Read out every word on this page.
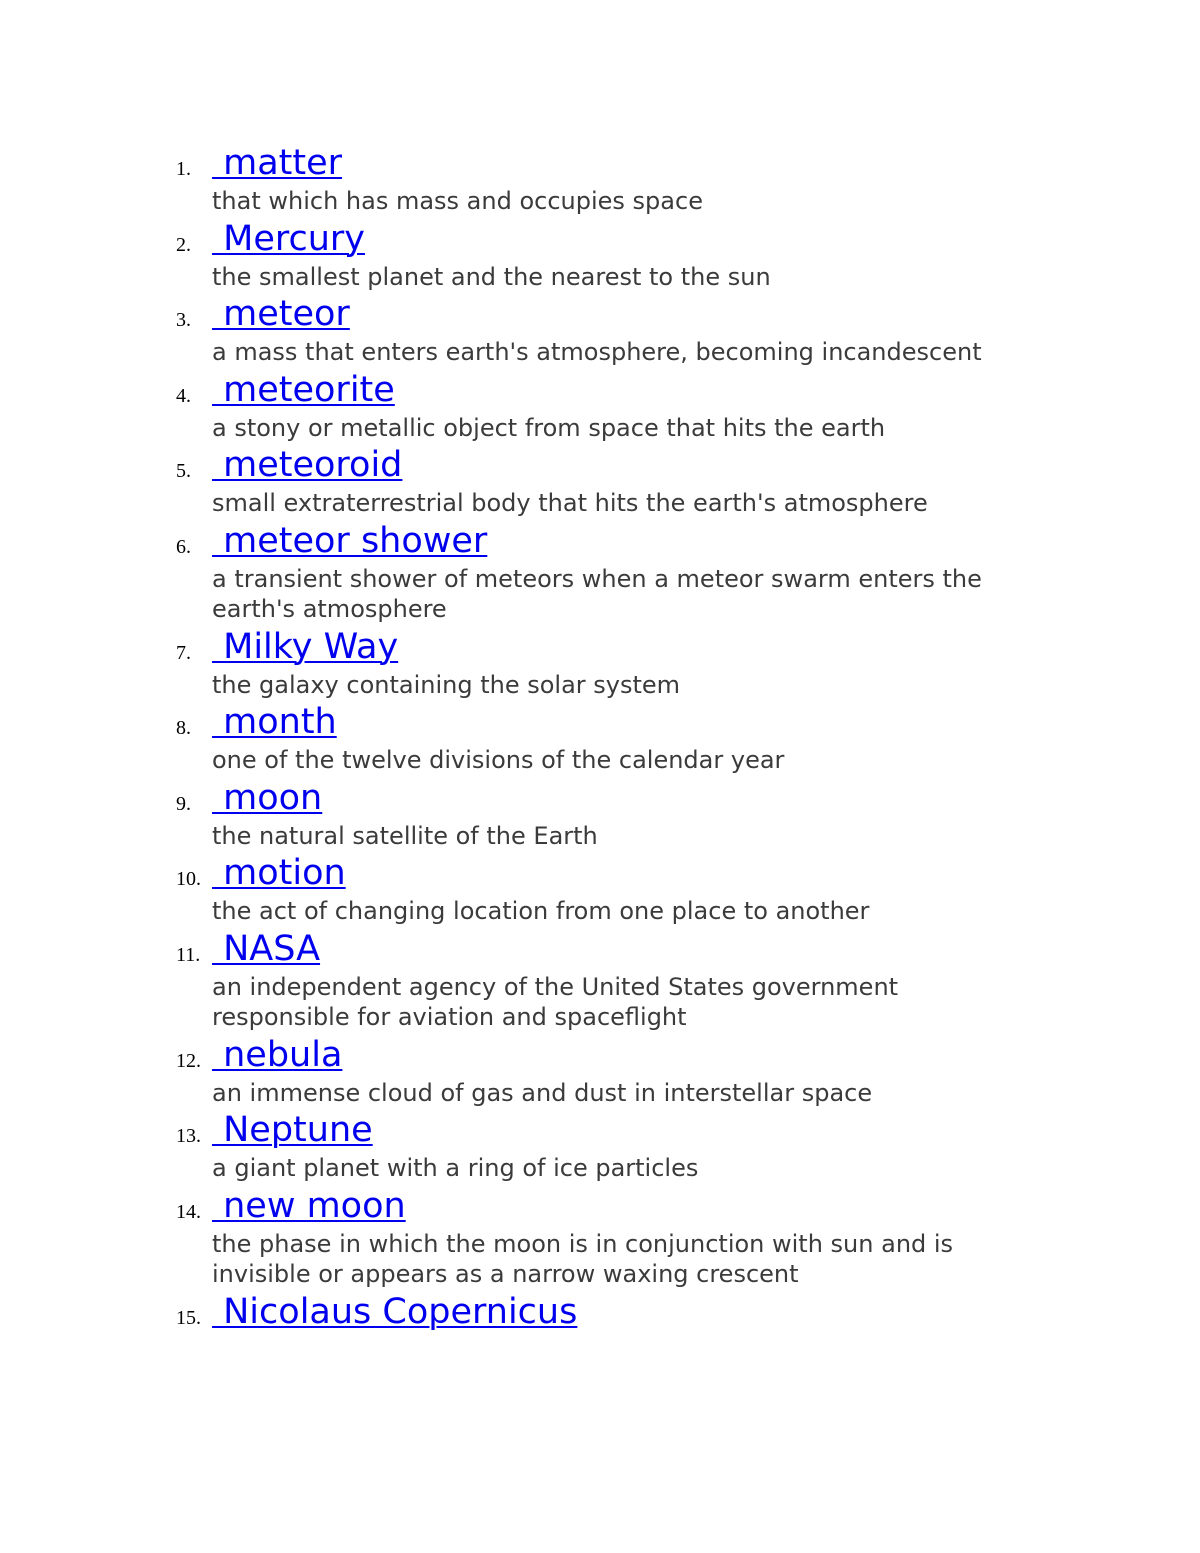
1. matter
that which has mass and occupies space
2. Mercury
the smallest planet and the nearest to the sun
3. meteor
a mass that enters earth's atmosphere, becoming incandescent
4. meteorite
a stony or metallic object from space that hits the earth
5. meteoroid
small extraterrestrial body that hits the earth's atmosphere
6. meteor shower
a transient shower of meteors when a meteor swarm enters the earth's atmosphere
7. Milky Way
the galaxy containing the solar system
8. month
one of the twelve divisions of the calendar year
9. moon
the natural satellite of the Earth
10. motion
the act of changing location from one place to another
11. NASA
an independent agency of the United States government responsible for aviation and spaceflight
12. nebula
an immense cloud of gas and dust in interstellar space
13. Neptune
a giant planet with a ring of ice particles
14. new moon
the phase in which the moon is in conjunction with sun and is invisible or appears as a narrow waxing crescent
15. Nicolaus Copernicus
